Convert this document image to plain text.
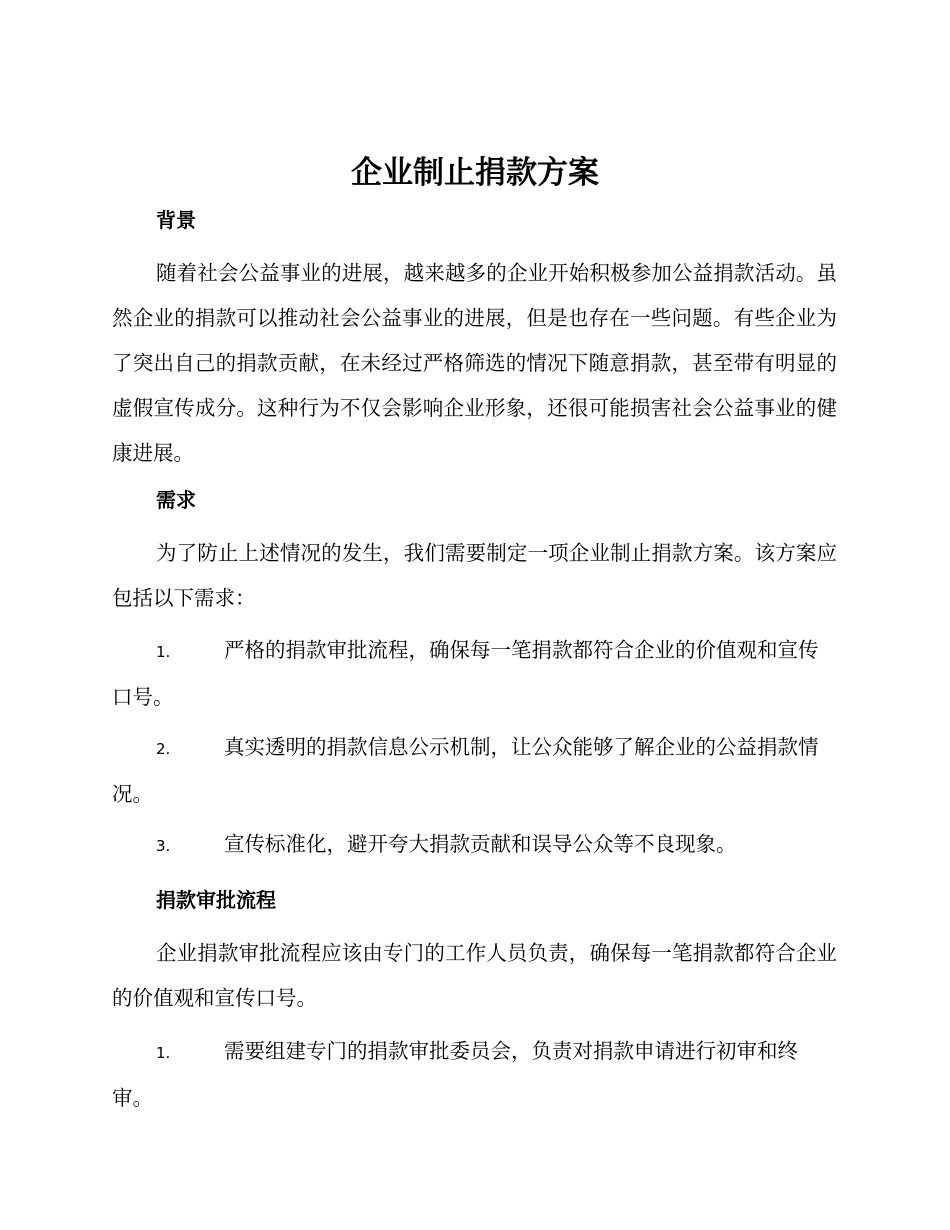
企业制止捐款方案
背景

随着社会公益事业的进展，越来越多的企业开始积极参加公益捐款活动。虽然企业的捐款可以推动社会公益事业的进展，但是也存在一些问题。有些企业为了突出自己的捐款贡献，在未经过严格筛选的情况下随意捐款，甚至带有明显的虚假宣传成分。这种行为不仅会影响企业形象，还很可能损害社会公益事业的健康进展。

需求

为了防止上述情况的发生，我们需要制定一项企业制止捐款方案。该方案应包括以下需求：

1.	严格的捐款审批流程，确保每一笔捐款都符合企业的价值观和宣传口号。
2.	真实透明的捐款信息公示机制，让公众能够了解企业的公益捐款情况。
3.	宣传标准化，避开夸大捐款贡献和误导公众等不良现象。
捐款审批流程

企业捐款审批流程应该由专门的工作人员负责，确保每一笔捐款都符合企业的价值观和宣传口号。

1.	需要组建专门的捐款审批委员会，负责对捐款申请进行初审和终审。
